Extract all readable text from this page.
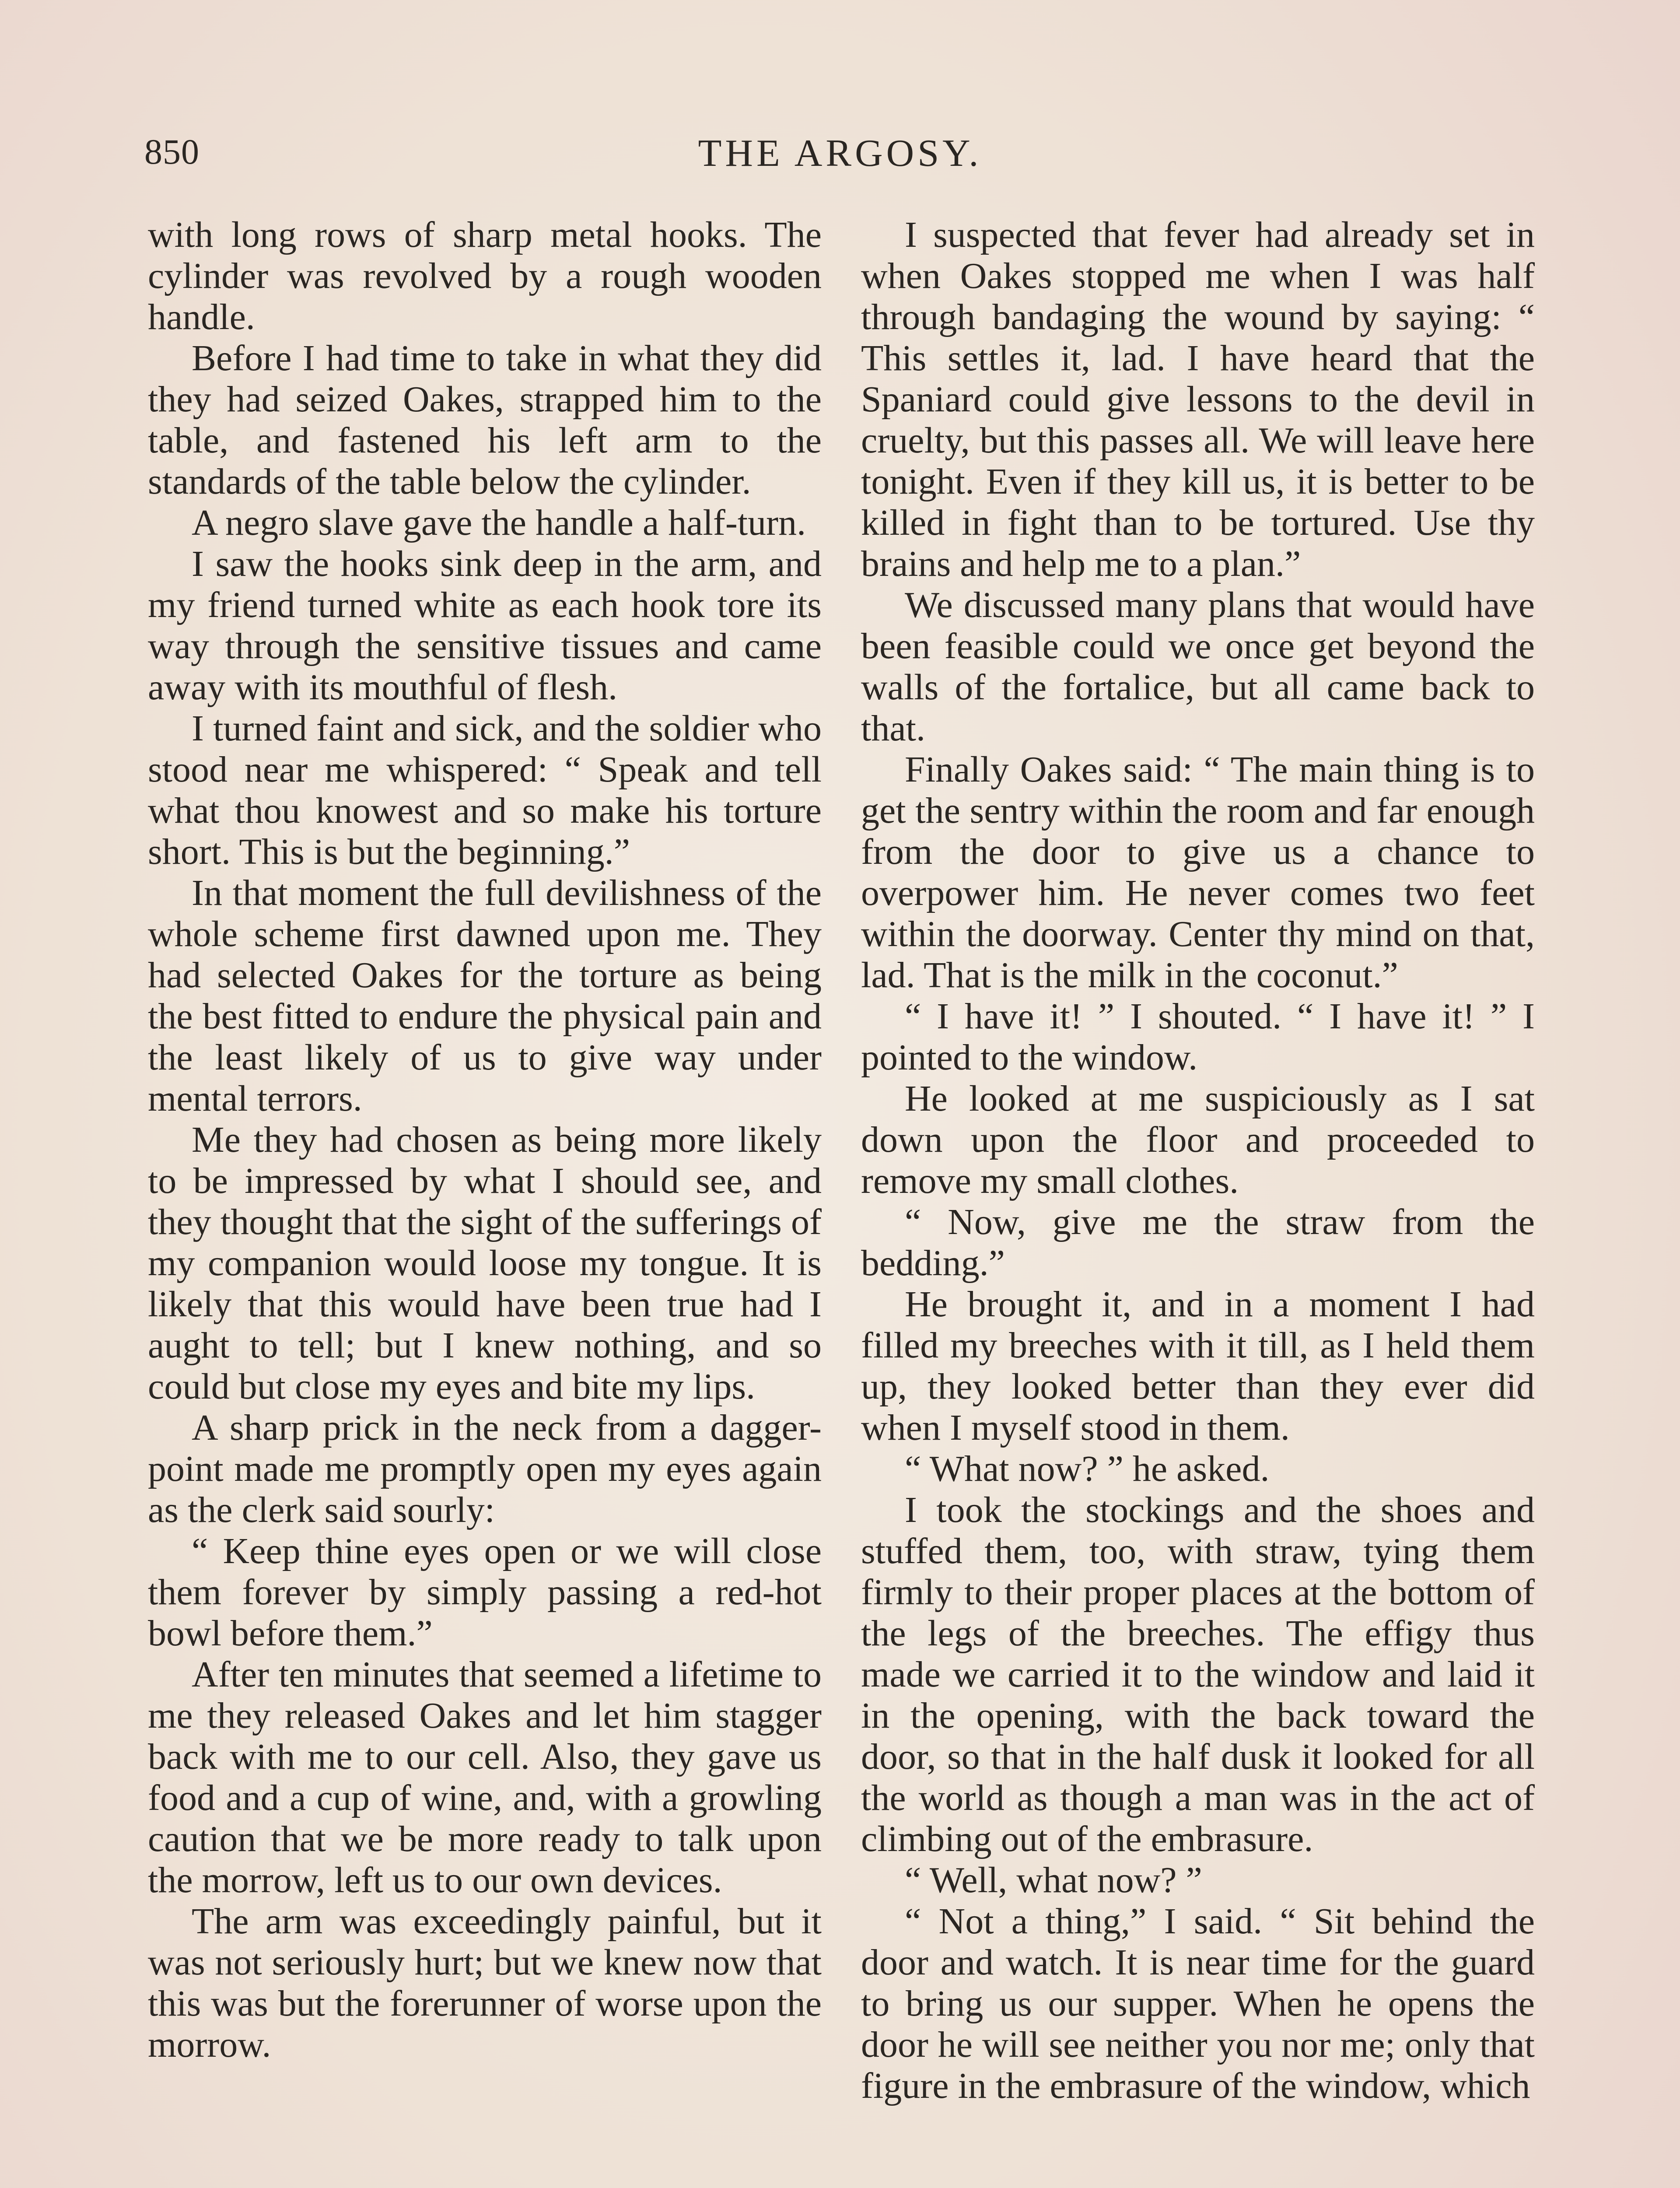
850	THE ARGOSY.

with long rows of sharp metal hooks. The cylinder was revolved by a rough wooden handle.

Before I had time to take in what they did they had seized Oakes, strapped him to the table, and fastened his left arm to the standards of the table below the cylinder.

A negro slave gave the handle a half-turn.

I saw the hooks sink deep in the arm, and my friend turned white as each hook tore its way through the sensitive tissues and came away with its mouthful of flesh.

I turned faint and sick, and the soldier who stood near me whispered: “ Speak and tell what thou knowest and so make his torture short. This is but the beginning.”

In that moment the full devilishness of the whole scheme first dawned upon me. They had selected Oakes for the torture as being the best fitted to endure the physical pain and the least likely of us to give way under mental terrors.

Me they had chosen as being more likely to be impressed by what I should see, and they thought that the sight of the sufferings of my companion would loose my tongue. It is likely that this would have been true had I aught to tell; but I knew nothing, and so could but close my eyes and bite my lips.

A sharp prick in the neck from a dagger-point made me promptly open my eyes again as the clerk said sourly:

“ Keep thine eyes open or we will close them forever by simply passing a red-hot bowl before them.”

After ten minutes that seemed a lifetime to me they released Oakes and let him stagger back with me to our cell. Also, they gave us food and a cup of wine, and, with a growling caution that we be more ready to talk upon the morrow, left us to our own devices.

The arm was exceedingly painful, but it was not seriously hurt; but we knew now that this was but the forerunner of worse upon the morrow.

I suspected that fever had already set in when Oakes stopped me when I was half through bandaging the wound by saying: “ This settles it, lad. I have heard that the Spaniard could give lessons to the devil in cruelty, but this passes all. We will leave here tonight. Even if they kill us, it is better to be killed in fight than to be tortured. Use thy brains and help me to a plan.”

We discussed many plans that would have been feasible could we once get beyond the walls of the fortalice, but all came back to that.

Finally Oakes said: “ The main thing is to get the sentry within the room and far enough from the door to give us a chance to overpower him. He never comes two feet within the doorway. Center thy mind on that, lad. That is the milk in the coconut.”

“ I have it! ” I shouted. “ I have it! ” I pointed to the window.

He looked at me suspiciously as I sat down upon the floor and proceeded to remove my small clothes.

“ Now, give me the straw from the bedding.”

He brought it, and in a moment I had filled my breeches with it till, as I held them up, they looked better than they ever did when I myself stood in them.

“ What now? ” he asked.

I took the stockings and the shoes and stuffed them, too, with straw, tying them firmly to their proper places at the bottom of the legs of the breeches. The effigy thus made we carried it to the window and laid it in the opening, with the back toward the door, so that in the half dusk it looked for all the world as though a man was in the act of climbing out of the embrasure.

“ Well, what now? ”

“ Not a thing,” I said. “ Sit behind the door and watch. It is near time for the guard to bring us our supper. When he opens the door he will see neither you nor me; only that figure in the embrasure of the window, which
